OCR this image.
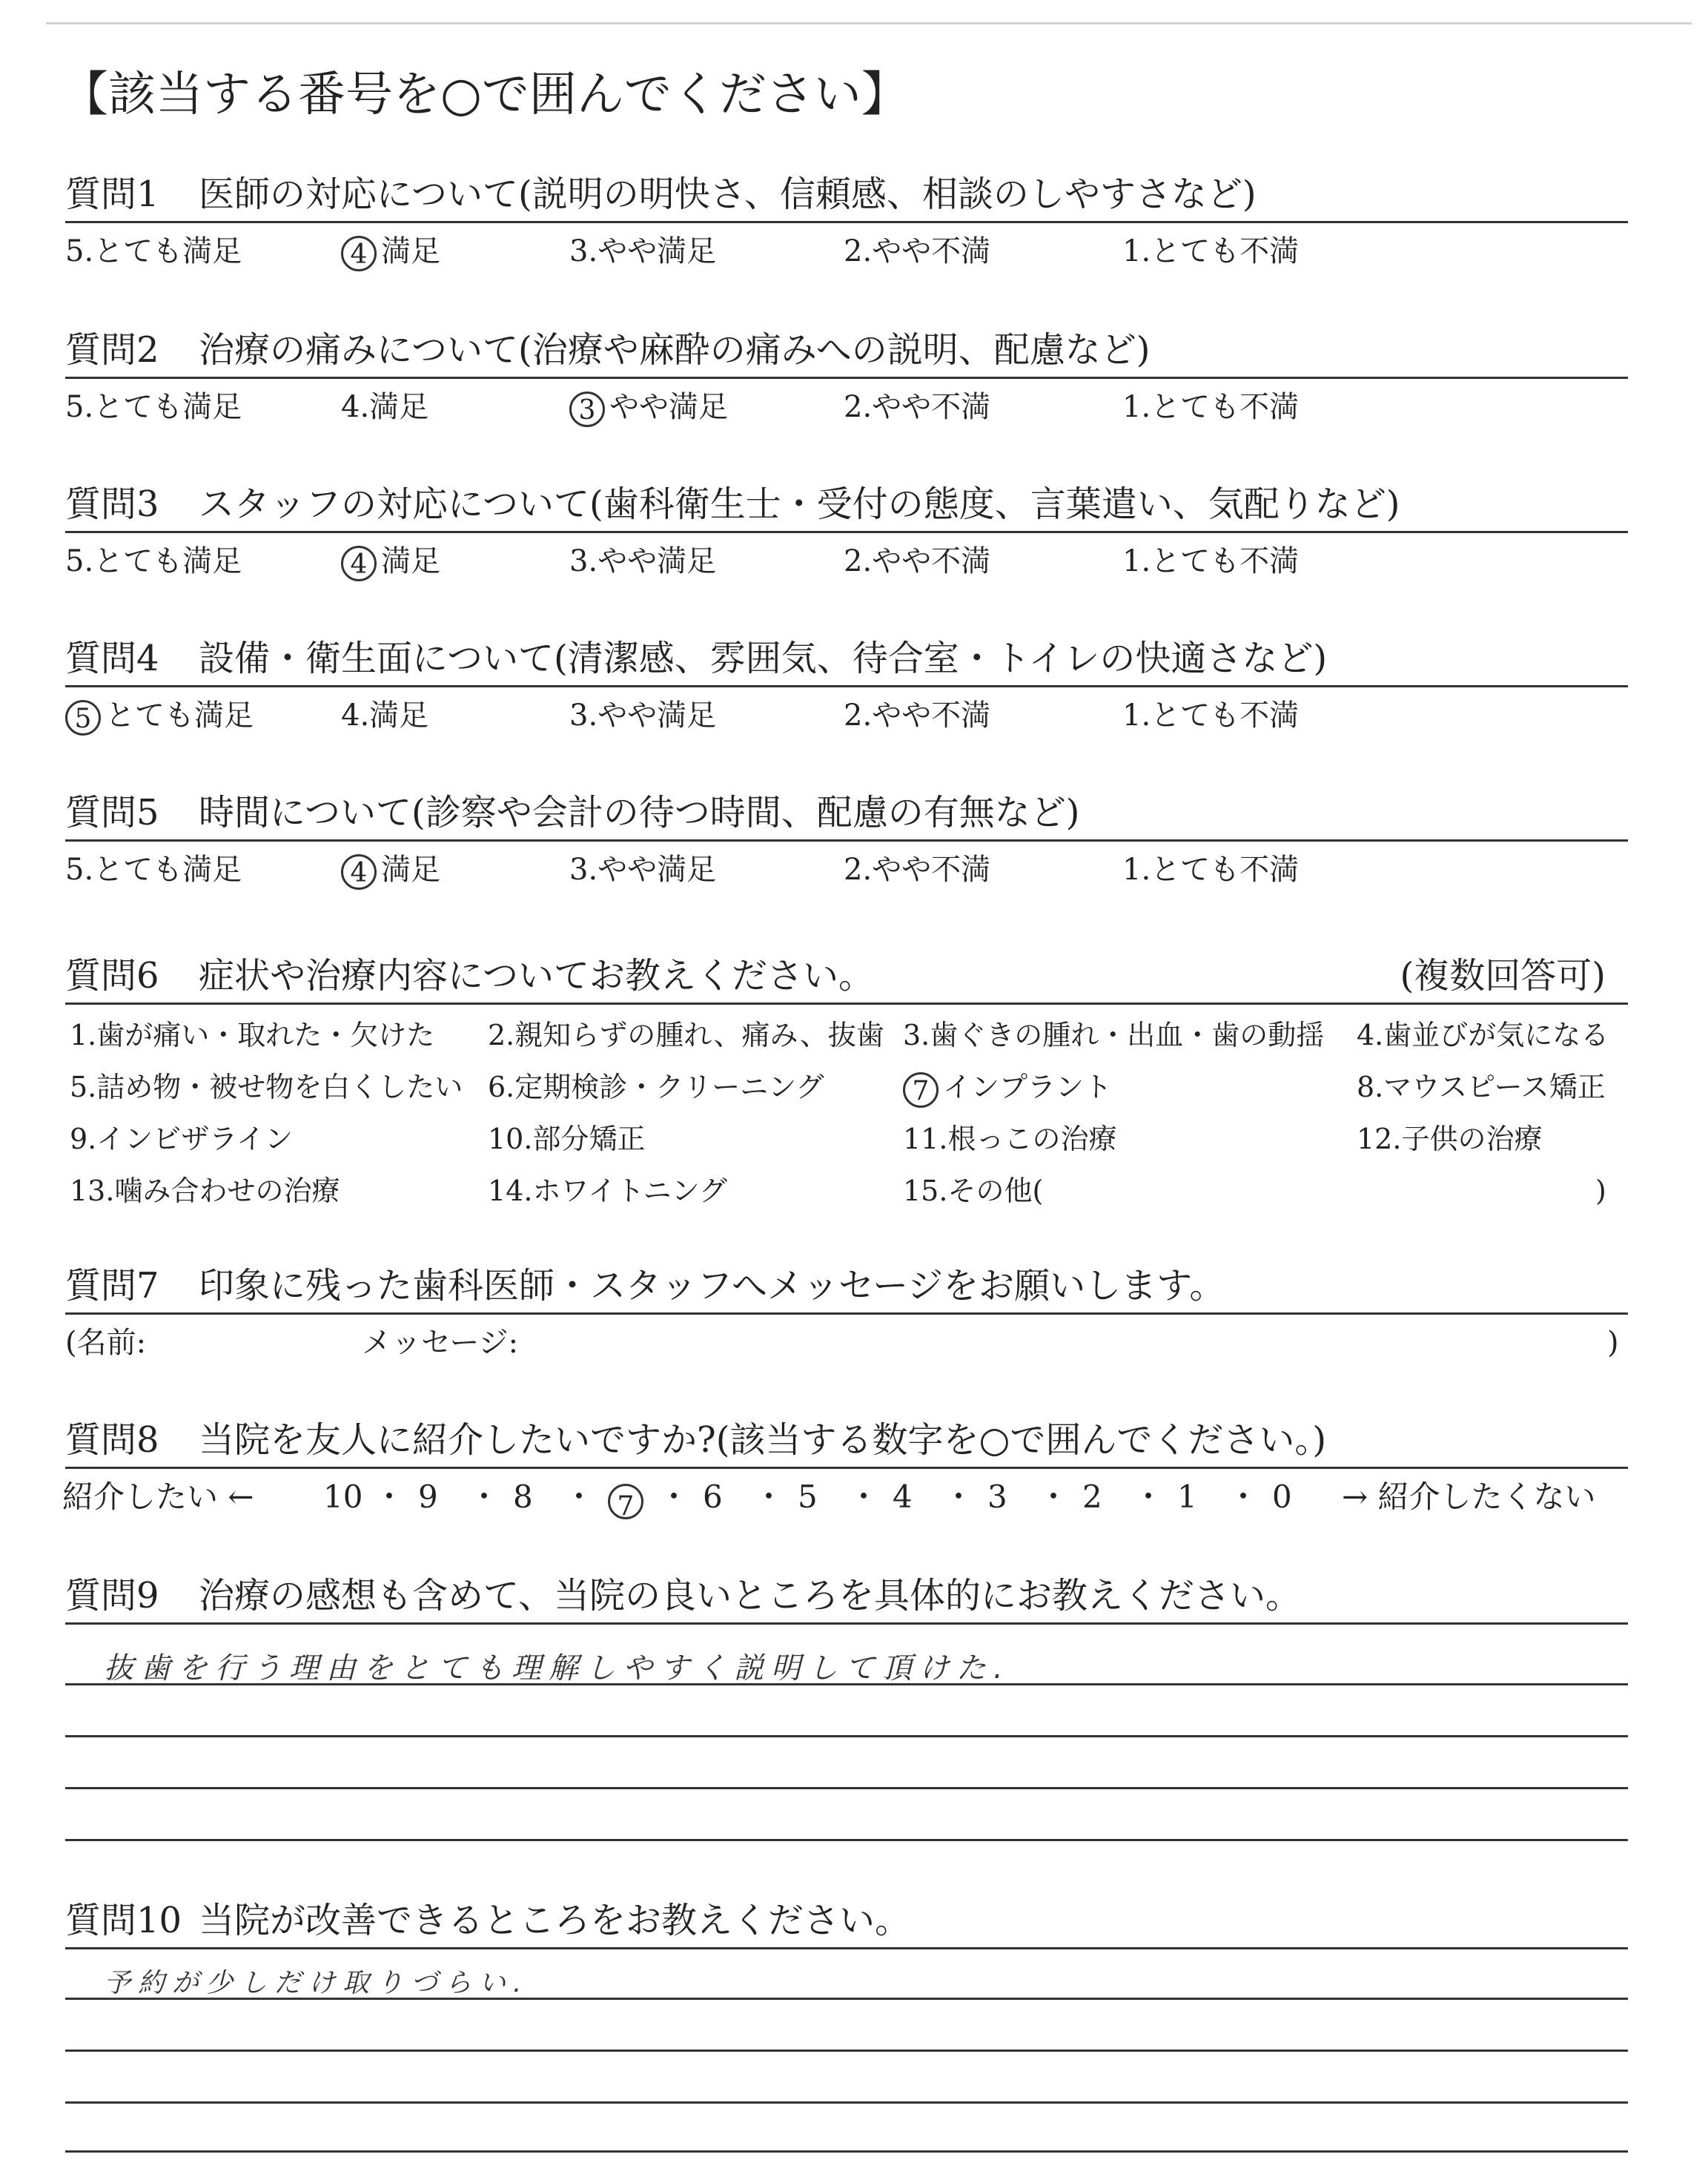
【該当する番号を○で囲んでください】
質問1 医師の対応について(説明の明快さ、信頼感、相談のしやすさなど)
5.とても満足	4 満足	3.やや満足	2.やや不満	1.とても不満
質問2 治療の痛みについて(治療や麻酔の痛みへの説明、配慮など)
5.とても満足	4.満足	3 やや満足	2.やや不満	1.とても不満
質問3 スタッフの対応について(歯科衛生士・受付の態度、言葉遣い、気配りなど)
5.とても満足	4 満足	3.やや満足	2.やや不満	1.とても不満
質問4 設備・衛生面について(清潔感、雰囲気、待合室・トイレの快適さなど)
5 とても満足	4.満足	3.やや満足	2.やや不満	1.とても不満
質問5 時間について(診察や会計の待つ時間、配慮の有無など)
5.とても満足	4 満足	3.やや満足	2.やや不満	1.とても不満
質問6 症状や治療内容についてお教えください。	(複数回答可)
1.歯が痛い・取れた・欠けた 2.親知らずの腫れ、痛み、抜歯 3.歯ぐきの腫れ・出血・歯の動揺 4.歯並びが気になる
5.詰め物・被せ物を白くしたい 6.定期検診・クリーニング	7 インプラント	8.マウスピース矯正
9.インビザライン	10.部分矯正	11.根っこの治療	12.子供の治療
13.噛み合わせの治療	14.ホワイトニング	15.その他(	)
質問7 印象に残った歯科医師・スタッフへメッセージをお願いします。
(名前:	メッセージ:	)
質問8 当院を友人に紹介したいですか?(該当する数字を○で囲んでください。)
紹介したい ← 10 ・ 9 ・ 8 ・ 7 ・ 6 ・ 5 ・ 4 ・ 3 ・ 2 ・ 1 ・ 0 → 紹介したくない
質問9 治療の感想も含めて、当院の良いところを具体的にお教えください。
抜歯を行う理由をとても理解しやすく説明して頂けた.
質問10 当院が改善できるところをお教えください。
予約が少しだけ取りづらい.
